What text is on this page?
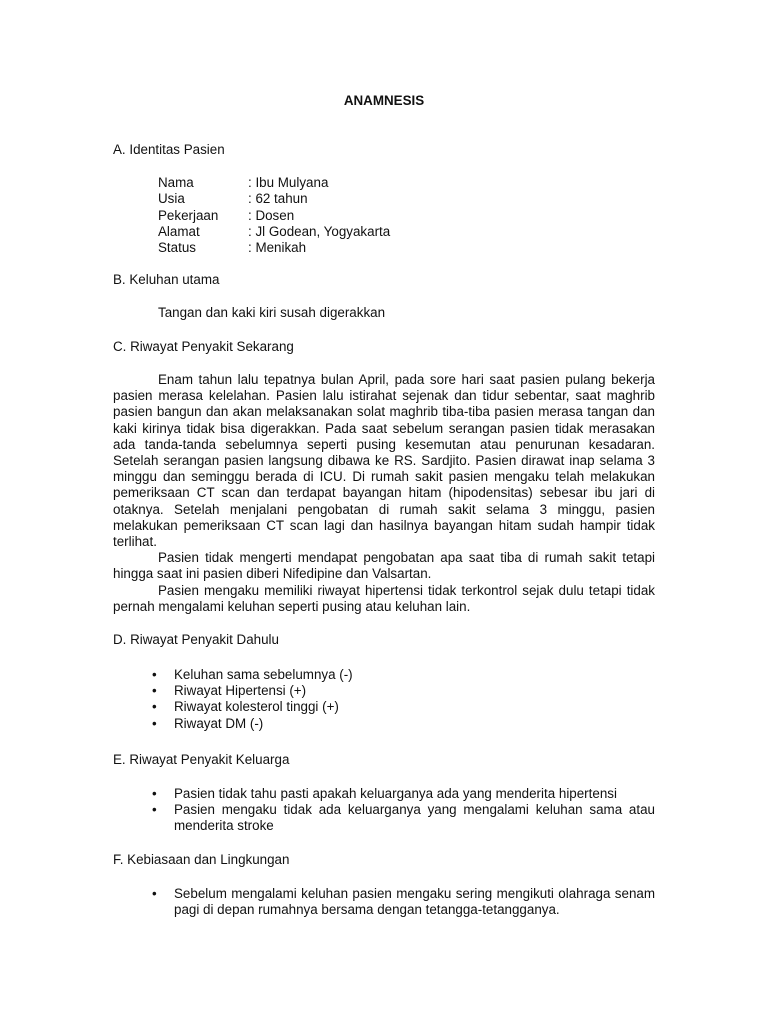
ANAMNESIS
A. Identitas Pasien
Nama	: Ibu Mulyana
Usia	: 62 tahun
Pekerjaan	: Dosen
Alamat	: Jl Godean, Yogyakarta
Status	: Menikah
B. Keluhan utama
Tangan dan kaki kiri susah digerakkan
C. Riwayat Penyakit Sekarang

Enam tahun lalu tepatnya bulan April, pada sore hari saat pasien pulang bekerja pasien merasa kelelahan. Pasien lalu istirahat sejenak dan tidur sebentar, saat maghrib pasien bangun dan akan melaksanakan solat maghrib tiba-tiba pasien merasa tangan dan kaki kirinya tidak bisa digerakkan. Pada saat sebelum serangan pasien tidak merasakan ada tanda-tanda sebelumnya seperti pusing kesemutan atau penurunan kesadaran. Setelah serangan pasien langsung dibawa ke RS. Sardjito. Pasien dirawat inap selama 3 minggu dan seminggu berada di ICU. Di rumah sakit pasien mengaku telah melakukan pemeriksaan CT scan dan terdapat bayangan hitam (hipodensitas) sebesar ibu jari di otaknya. Setelah menjalani pengobatan di rumah sakit selama 3 minggu, pasien melakukan pemeriksaan CT scan lagi dan hasilnya bayangan hitam sudah hampir tidak terlihat.

Pasien tidak mengerti mendapat pengobatan apa saat tiba di rumah sakit tetapi hingga saat ini pasien diberi Nifedipine dan Valsartan.

Pasien mengaku memiliki riwayat hipertensi tidak terkontrol sejak dulu tetapi tidak pernah mengalami keluhan seperti pusing atau keluhan lain.

D. Riwayat Penyakit Dahulu
• Keluhan sama sebelumnya (-)
• Riwayat Hipertensi (+)
• Riwayat kolesterol tinggi (+)
• Riwayat DM (-)
E. Riwayat Penyakit Keluarga
• Pasien tidak tahu pasti apakah keluarganya ada yang menderita hipertensi
• Pasien mengaku tidak ada keluarganya yang mengalami keluhan sama atau menderita stroke
F. Kebiasaan dan Lingkungan
• Sebelum mengalami keluhan pasien mengaku sering mengikuti olahraga senam pagi di depan rumahnya bersama dengan tetangga-tetangganya.
